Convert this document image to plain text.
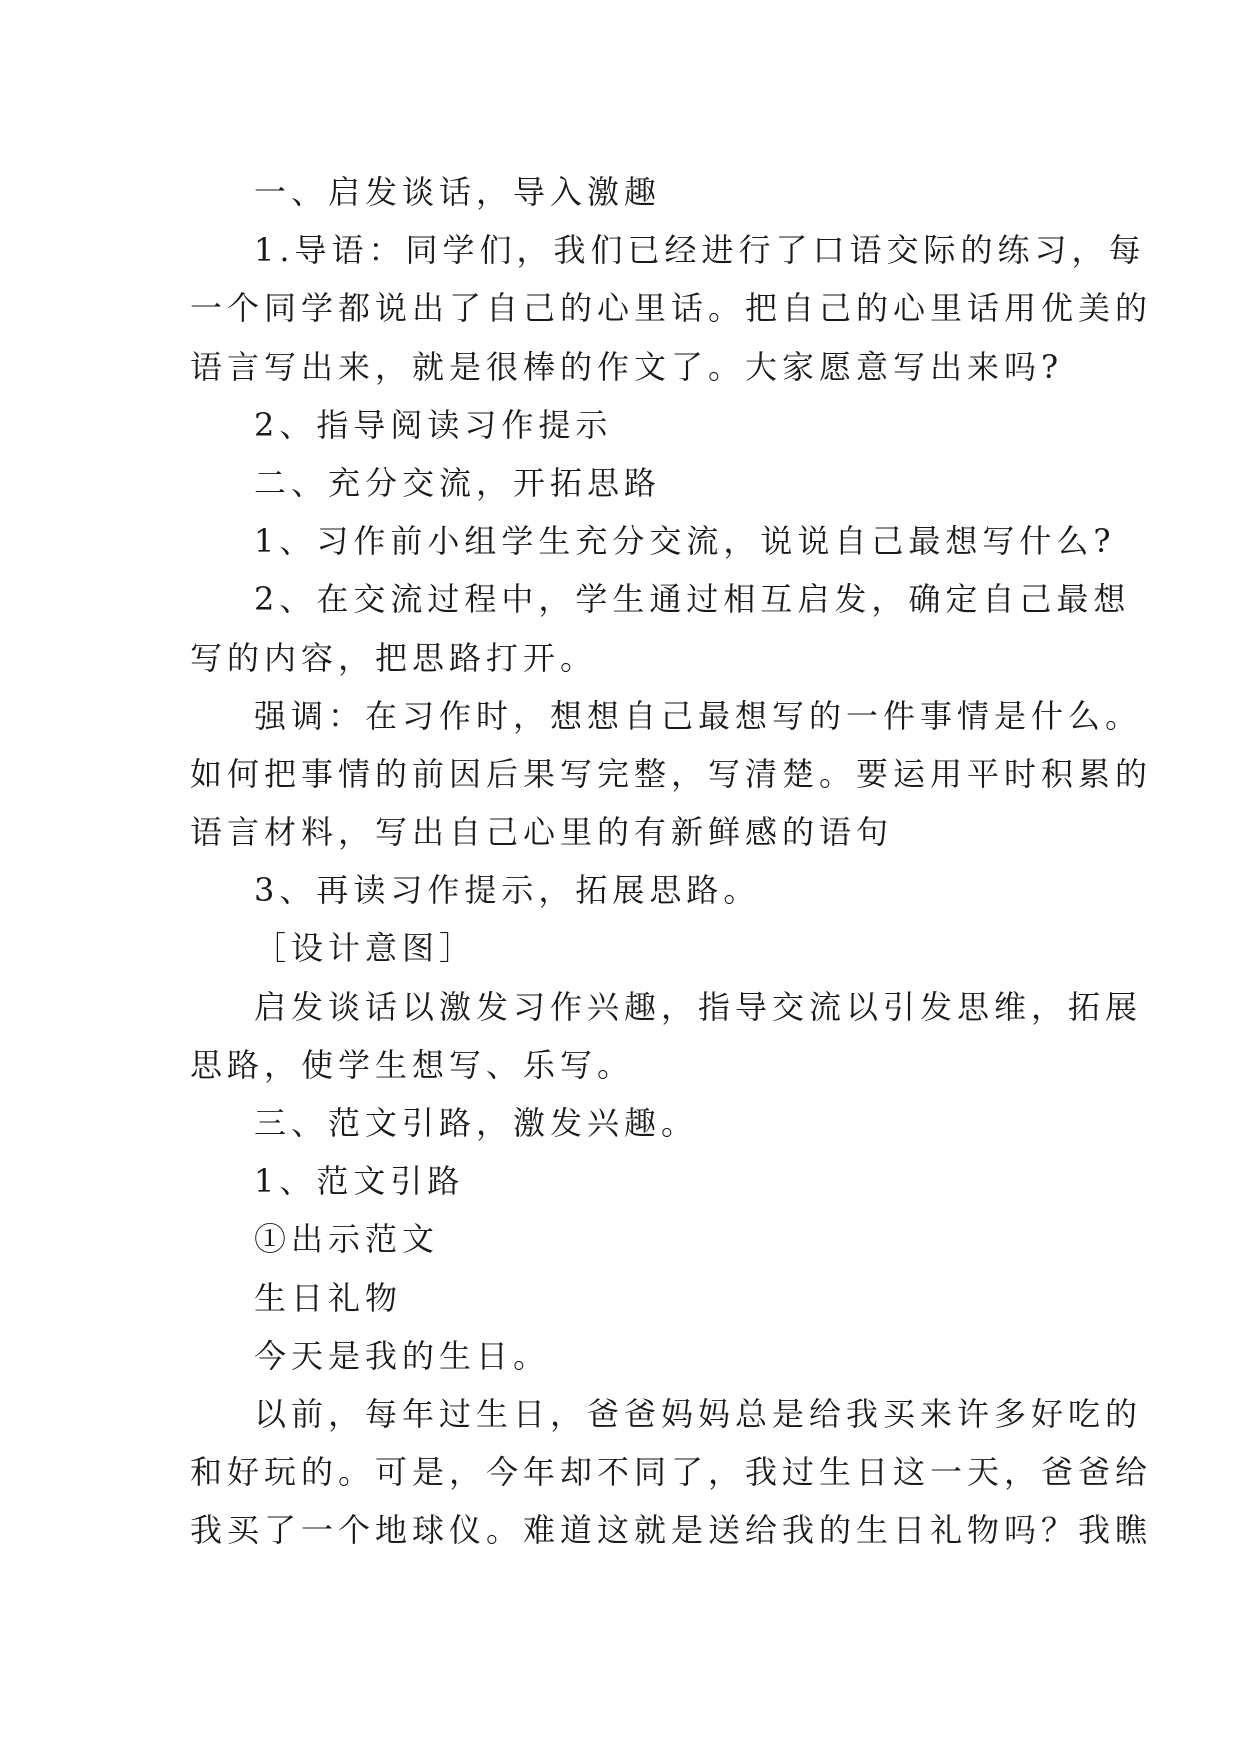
一、启发谈话，导入激趣
1.导语：同学们，我们已经进行了口语交际的练习，每
一个同学都说出了自己的心里话。把自己的心里话用优美的
语言写出来，就是很棒的作文了。大家愿意写出来吗?
2、指导阅读习作提示
二、充分交流，开拓思路
1、习作前小组学生充分交流，说说自己最想写什么?
2、在交流过程中，学生通过相互启发，确定自己最想
写的内容，把思路打开。
强调：在习作时，想想自己最想写的一件事情是什么。
如何把事情的前因后果写完整，写清楚。要运用平时积累的
语言材料，写出自己心里的有新鲜感的语句
3、再读习作提示，拓展思路。
［设计意图］
启发谈话以激发习作兴趣，指导交流以引发思维，拓展
思路，使学生想写、乐写。
三、范文引路，激发兴趣。
1、范文引路
①出示范文
生日礼物
今天是我的生日。
以前，每年过生日，爸爸妈妈总是给我买来许多好吃的
和好玩的。可是，今年却不同了，我过生日这一天，爸爸给
我买了一个地球仪。难道这就是送给我的生日礼物吗？我瞧
